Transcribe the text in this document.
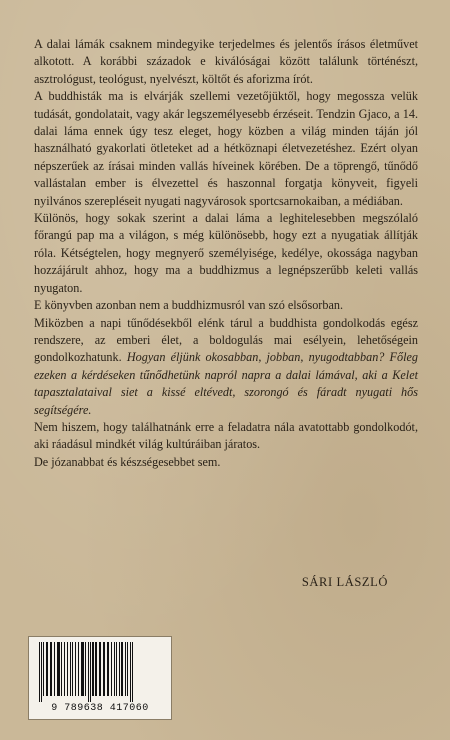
A dalai lámák csaknem mindegyike terjedelmes és jelentős írásos életművet alkotott. A korábbi századok e kiválóságai között találunk történészt, asztrológust, teológust, nyelvészt, költőt és aforizma írót.

A buddhisták ma is elvárják szellemi vezetőjüktől, hogy megossza velük tudását, gondolatait, vagy akár legszemélyesebb érzéseit. Tendzin Gjaco, a 14. dalai láma ennek úgy tesz eleget, hogy közben a világ minden táján jól használható gyakorlati ötleteket ad a hétköznapi életvezetéshez. Ezért olyan népszerűek az írásai minden vallás híveinek körében. De a töprengő, tűnődő vallástalan ember is élvezettel és haszonnal forgatja könyveit, figyeli nyilvános szerepléseit nyugati nagyvárosok sportcsarnokaiban, a médiában.

Különös, hogy sokak szerint a dalai láma a leghitelesebben megszólaló főrangú pap ma a világon, s még különösebb, hogy ezt a nyugatiak állítják róla. Kétségtelen, hogy megnyerő személyisége, kedélye, okossága nagyban hozzájárult ahhoz, hogy ma a buddhizmus a legnépszerűbb keleti vallás nyugaton.

E könyvben azonban nem a buddhizmusról van szó elsősorban.

Miközben a napi tűnődésekből elénk tárul a buddhista gondolkodás egész rendszere, az emberi élet, a boldogulás mai esélyein, lehetőségein gondolkozhatunk. Hogyan éljünk okosabban, jobban, nyugodtabban? Főleg ezeken a kérdéseken tűnődhetünk napról napra a dalai lámával, aki a Kelet tapasztalataival siet a kissé eltévedt, szorongó és fáradt nyugati hős segítségére.

Nem hiszem, hogy találhatnánk erre a feladatra nála avatottabb gondolkodót, aki ráadásul mindkét világ kultúráiban járatos.

De józanabbat és készségesebbet sem.

SÁRI LÁSZLÓ
9 789638 417060
